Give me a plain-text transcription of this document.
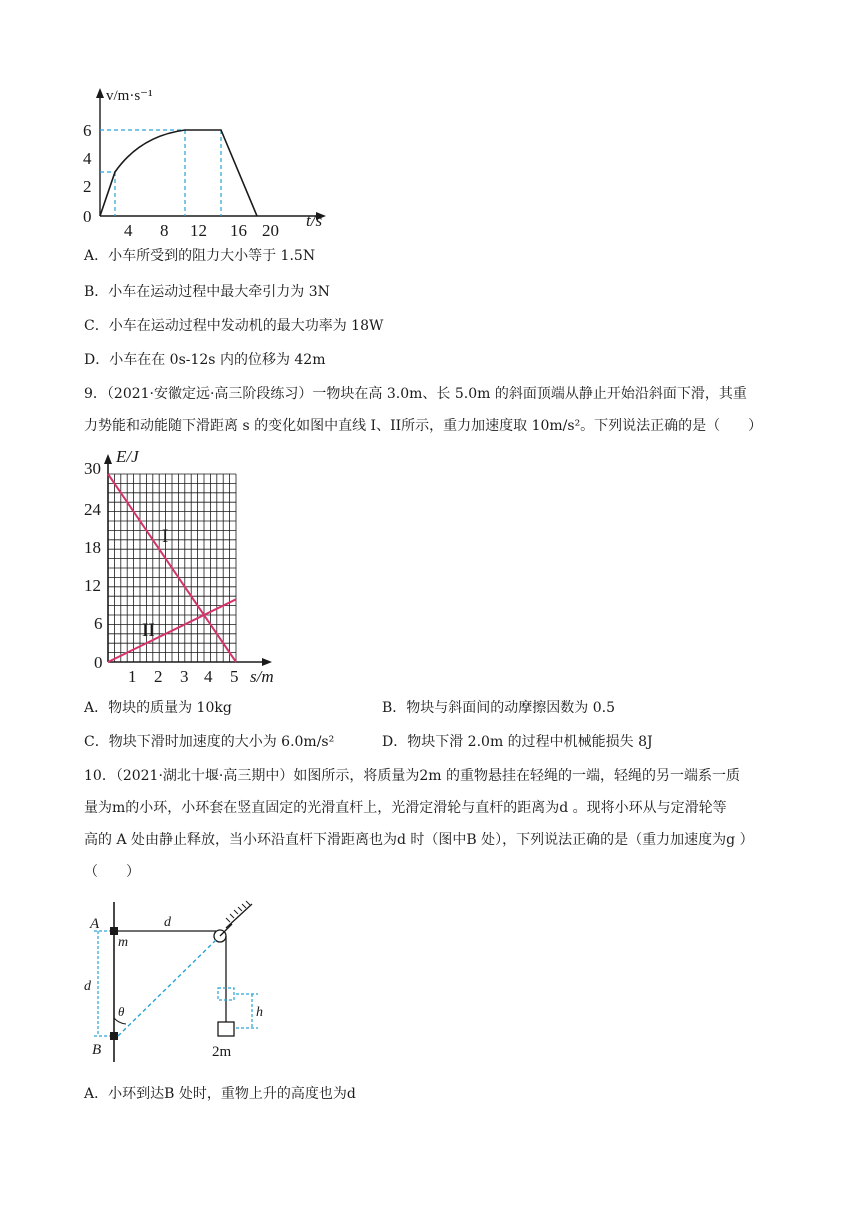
v/m·s⁻¹
6
4
2
0
4 8 12 16 20
t/s
A．小车所受到的阻力大小等于 1.5N
B．小车在运动过程中最大牵引力为 3N
C．小车在运动过程中发动机的最大功率为 18W
D．小车在在 0s-12s 内的位移为 42m
9．（2021·安徽定远·高三阶段练习）一物块在高 3.0m、长 5.0m 的斜面顶端从静止开始沿斜面下滑，其重
力势能和动能随下滑距离 s 的变化如图中直线 I、II所示，重力加速度取 10m/s²。下列说法正确的是（　　）
E/J
30
24
18
12
6
0
1 2 3 4 5 s/m
I
II
A．物块的质量为 10kg	B．物块与斜面间的动摩擦因数为 0.5
C．物块下滑时加速度的大小为 6.0m/s²	D．物块下滑 2.0m 的过程中机械能损失 8J
10．（2021·湖北十堰·高三期中）如图所示，将质量为2m 的重物悬挂在轻绳的一端，轻绳的另一端系一质
量为m的小环，小环套在竖直固定的光滑直杆上，光滑定滑轮与直杆的距离为d 。现将小环从与定滑轮等
高的 A 处由静止释放，当小环沿直杆下滑距离也为d 时（图中B 处），下列说法正确的是（重力加速度为g ）
（　　）
A
m
d
d
θ
B
h
2m
A．小环到达B 处时，重物上升的高度也为d
